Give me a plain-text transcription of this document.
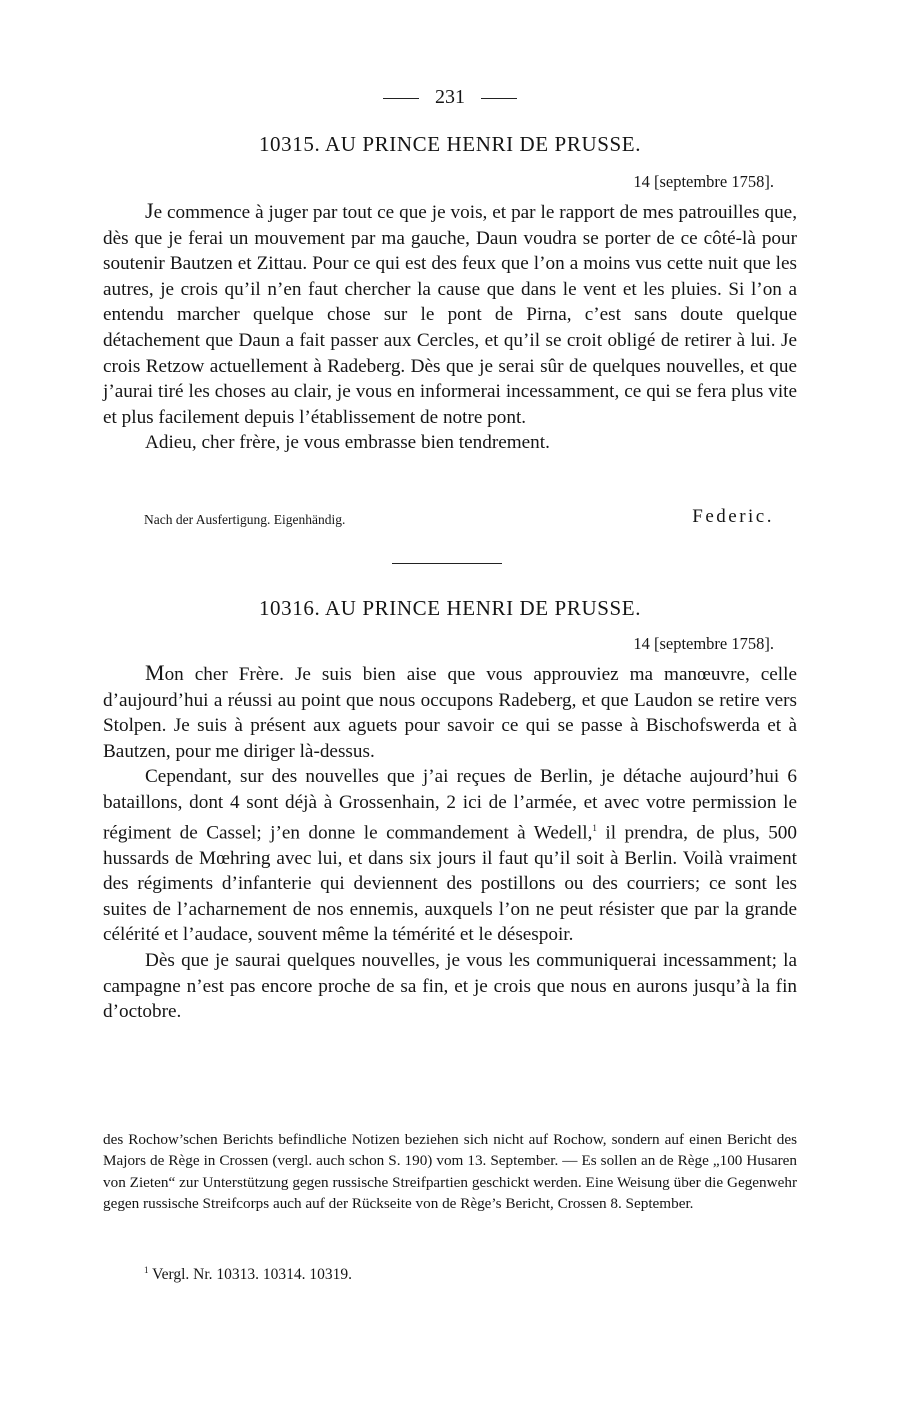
231
10315. AU PRINCE HENRI DE PRUSSE.
14 [septembre 1758].

Je commence à juger par tout ce que je vois, et par le rapport de mes patrouilles que, dès que je ferai un mouvement par ma gauche, Daun voudra se porter de ce côté-là pour soutenir Bautzen et Zittau. Pour ce qui est des feux que l’on a moins vus cette nuit que les autres, je crois qu’il n’en faut chercher la cause que dans le vent et les pluies. Si l’on a entendu marcher quelque chose sur le pont de Pirna, c’est sans doute quelque détachement que Daun a fait passer aux Cercles, et qu’il se croit obligé de retirer à lui. Je crois Retzow actuellement à Radeberg. Dès que je serai sûr de quelques nouvelles, et que j’aurai tiré les choses au clair, je vous en informerai incessamment, ce qui se fera plus vite et plus facilement depuis l’établissement de notre pont.

Adieu, cher frère, je vous embrasse bien tendrement.

Nach der Ausfertigung. Eigenhändig.	Federic.
10316. AU PRINCE HENRI DE PRUSSE.
14 [septembre 1758].

Mon cher Frère. Je suis bien aise que vous approuviez ma manœuvre, celle d’aujourd’hui a réussi au point que nous occupons Radeberg, et que Laudon se retire vers Stolpen. Je suis à présent aux aguets pour savoir ce qui se passe à Bischofswerda et à Bautzen, pour me diriger là-dessus.

Cependant, sur des nouvelles que j’ai reçues de Berlin, je détache aujourd’hui 6 bataillons, dont 4 sont déjà à Grossenhain, 2 ici de l’armée, et avec votre permission le régiment de Cassel; j’en donne le commandement à Wedell,$^1$ il prendra, de plus, 500 hussards de Mœhring avec lui, et dans six jours il faut qu’il soit à Berlin. Voilà vraiment des régiments d’infanterie qui deviennent des postillons ou des courriers; ce sont les suites de l’acharnement de nos ennemis, auxquels l’on ne peut résister que par la grande célérité et l’audace, souvent même la témérité et le désespoir.

Dès que je saurai quelques nouvelles, je vous les communiquerai incessamment; la campagne n’est pas encore proche de sa fin, et je crois que nous en aurons jusqu’à la fin d’octobre.

des Rochow’schen Berichts befindliche Notizen beziehen sich nicht auf Rochow, sondern auf einen Bericht des Majors de Rège in Crossen (vergl. auch schon S. 190) vom 13. September. — Es sollen an de Rège „100 Husaren von Zieten“ zur Unterstützung gegen russische Streifpartien geschickt werden. Eine Weisung über die Gegenwehr gegen russische Streifcorps auch auf der Rückseite von de Rège’s Bericht, Crossen 8. September.

$^1$ Vergl. Nr. 10313. 10314. 10319.
